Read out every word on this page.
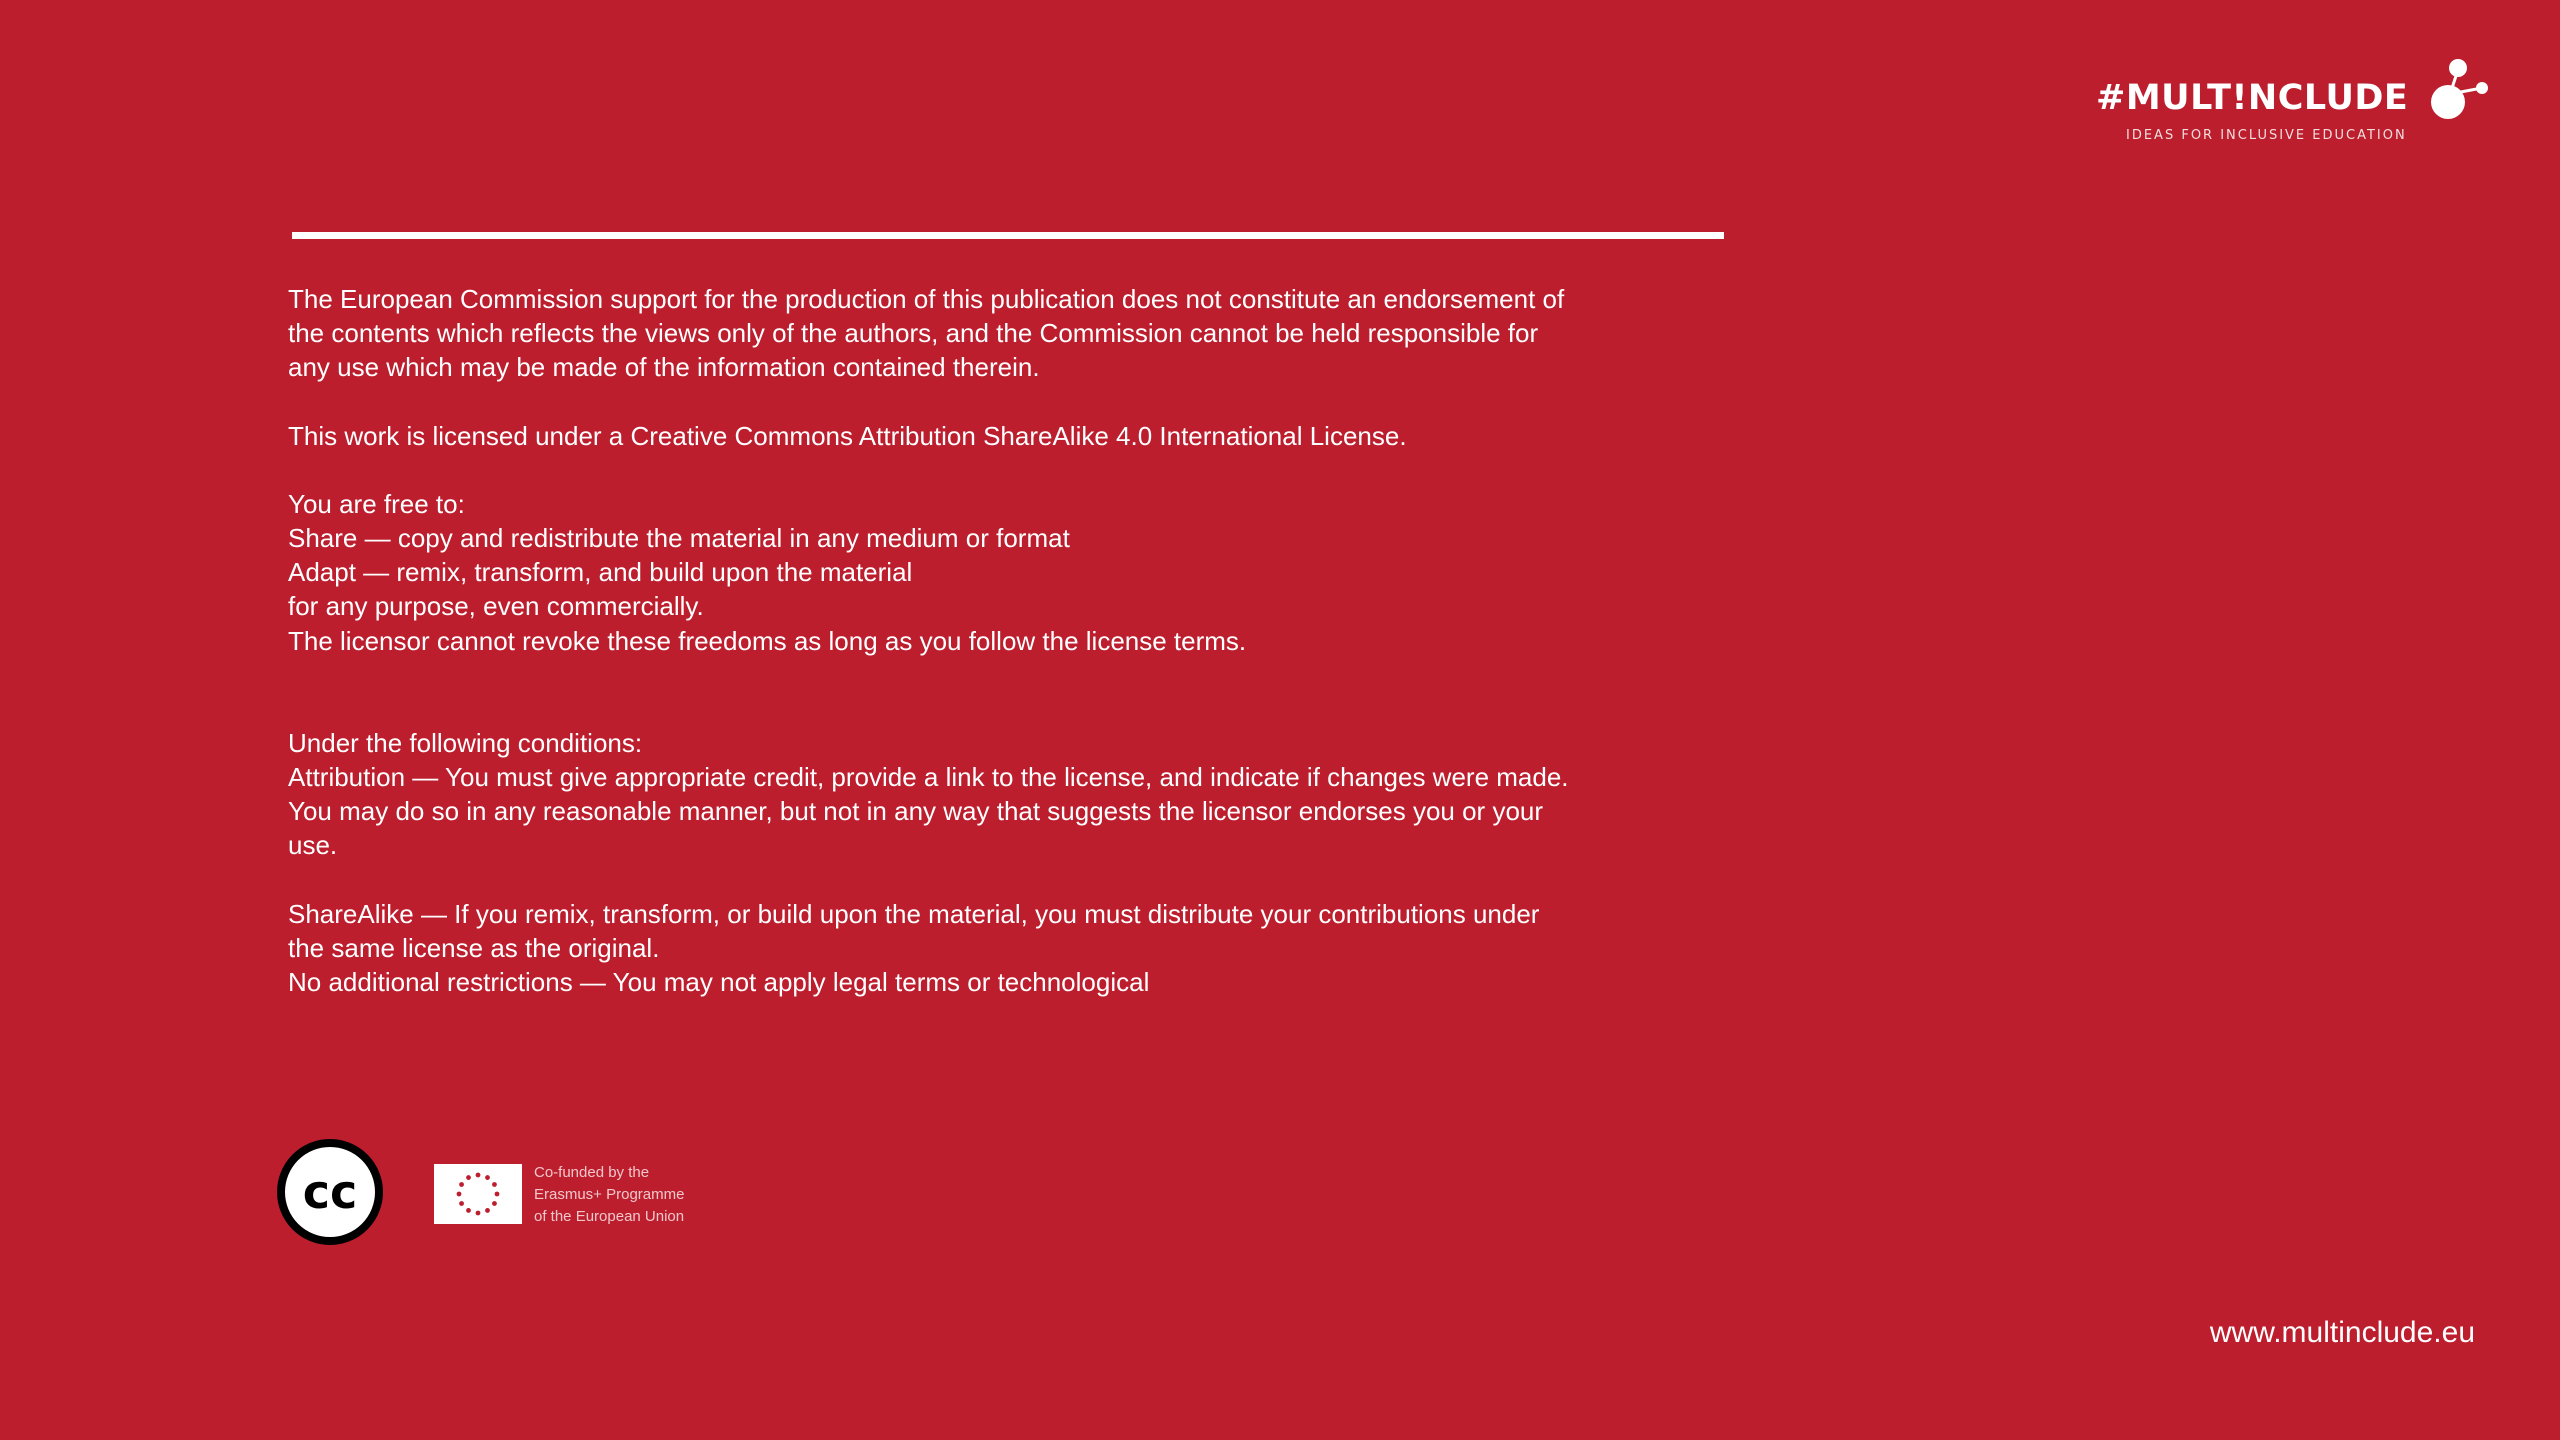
#MULT!NCLUDE
IDEAS FOR INCLUSIVE EDUCATION

The European Commission support for the production of this publication does not constitute an endorsement of

the contents which reflects the views only of the authors, and the Commission cannot be held responsible for

any use which may be made of the information contained therein.

This work is licensed under a Creative Commons Attribution ShareAlike 4.0 International License.

You are free to:

Share — copy and redistribute the material in any medium or format

Adapt — remix, transform, and build upon the material

for any purpose, even commercially.

The licensor cannot revoke these freedoms as long as you follow the license terms.

Under the following conditions:

Attribution — You must give appropriate credit, provide a link to the license, and indicate if changes were made.

You may do so in any reasonable manner, but not in any way that suggests the licensor endorses you or your

use.

ShareAlike — If you remix, transform, or build upon the material, you must distribute your contributions under

the same license as the original.

No additional restrictions — You may not apply legal terms or technological

cc	Co-funded by the
Erasmus+ Programme
of the European Union
www.multinclude.eu
